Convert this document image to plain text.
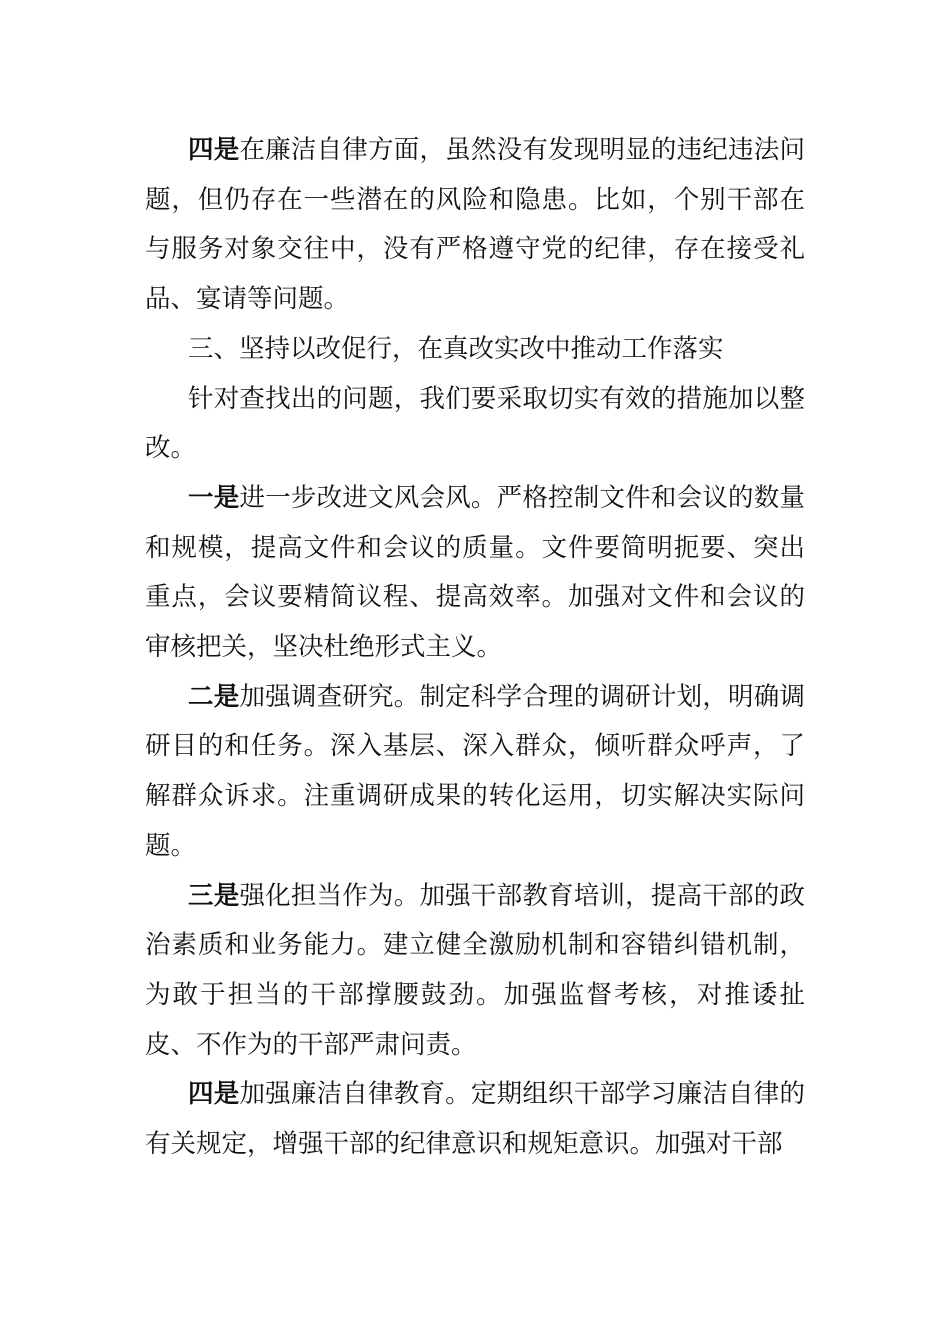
四是在廉洁自律方面，虽然没有发现明显的违纪违法问题，但仍存在一些潜在的风险和隐患。比如，个别干部在与服务对象交往中，没有严格遵守党的纪律，存在接受礼品、宴请等问题。

三、坚持以改促行，在真改实改中推动工作落实

针对查找出的问题，我们要采取切实有效的措施加以整改。

一是进一步改进文风会风。严格控制文件和会议的数量和规模，提高文件和会议的质量。文件要简明扼要、突出重点，会议要精简议程、提高效率。加强对文件和会议的审核把关，坚决杜绝形式主义。

二是加强调查研究。制定科学合理的调研计划，明确调研目的和任务。深入基层、深入群众，倾听群众呼声，了解群众诉求。注重调研成果的转化运用，切实解决实际问题。

三是强化担当作为。加强干部教育培训，提高干部的政治素质和业务能力。建立健全激励机制和容错纠错机制，为敢于担当的干部撑腰鼓劲。加强监督考核，对推诿扯皮、不作为的干部严肃问责。

四是加强廉洁自律教育。定期组织干部学习廉洁自律的有关规定，增强干部的纪律意识和规矩意识。加强对干部
